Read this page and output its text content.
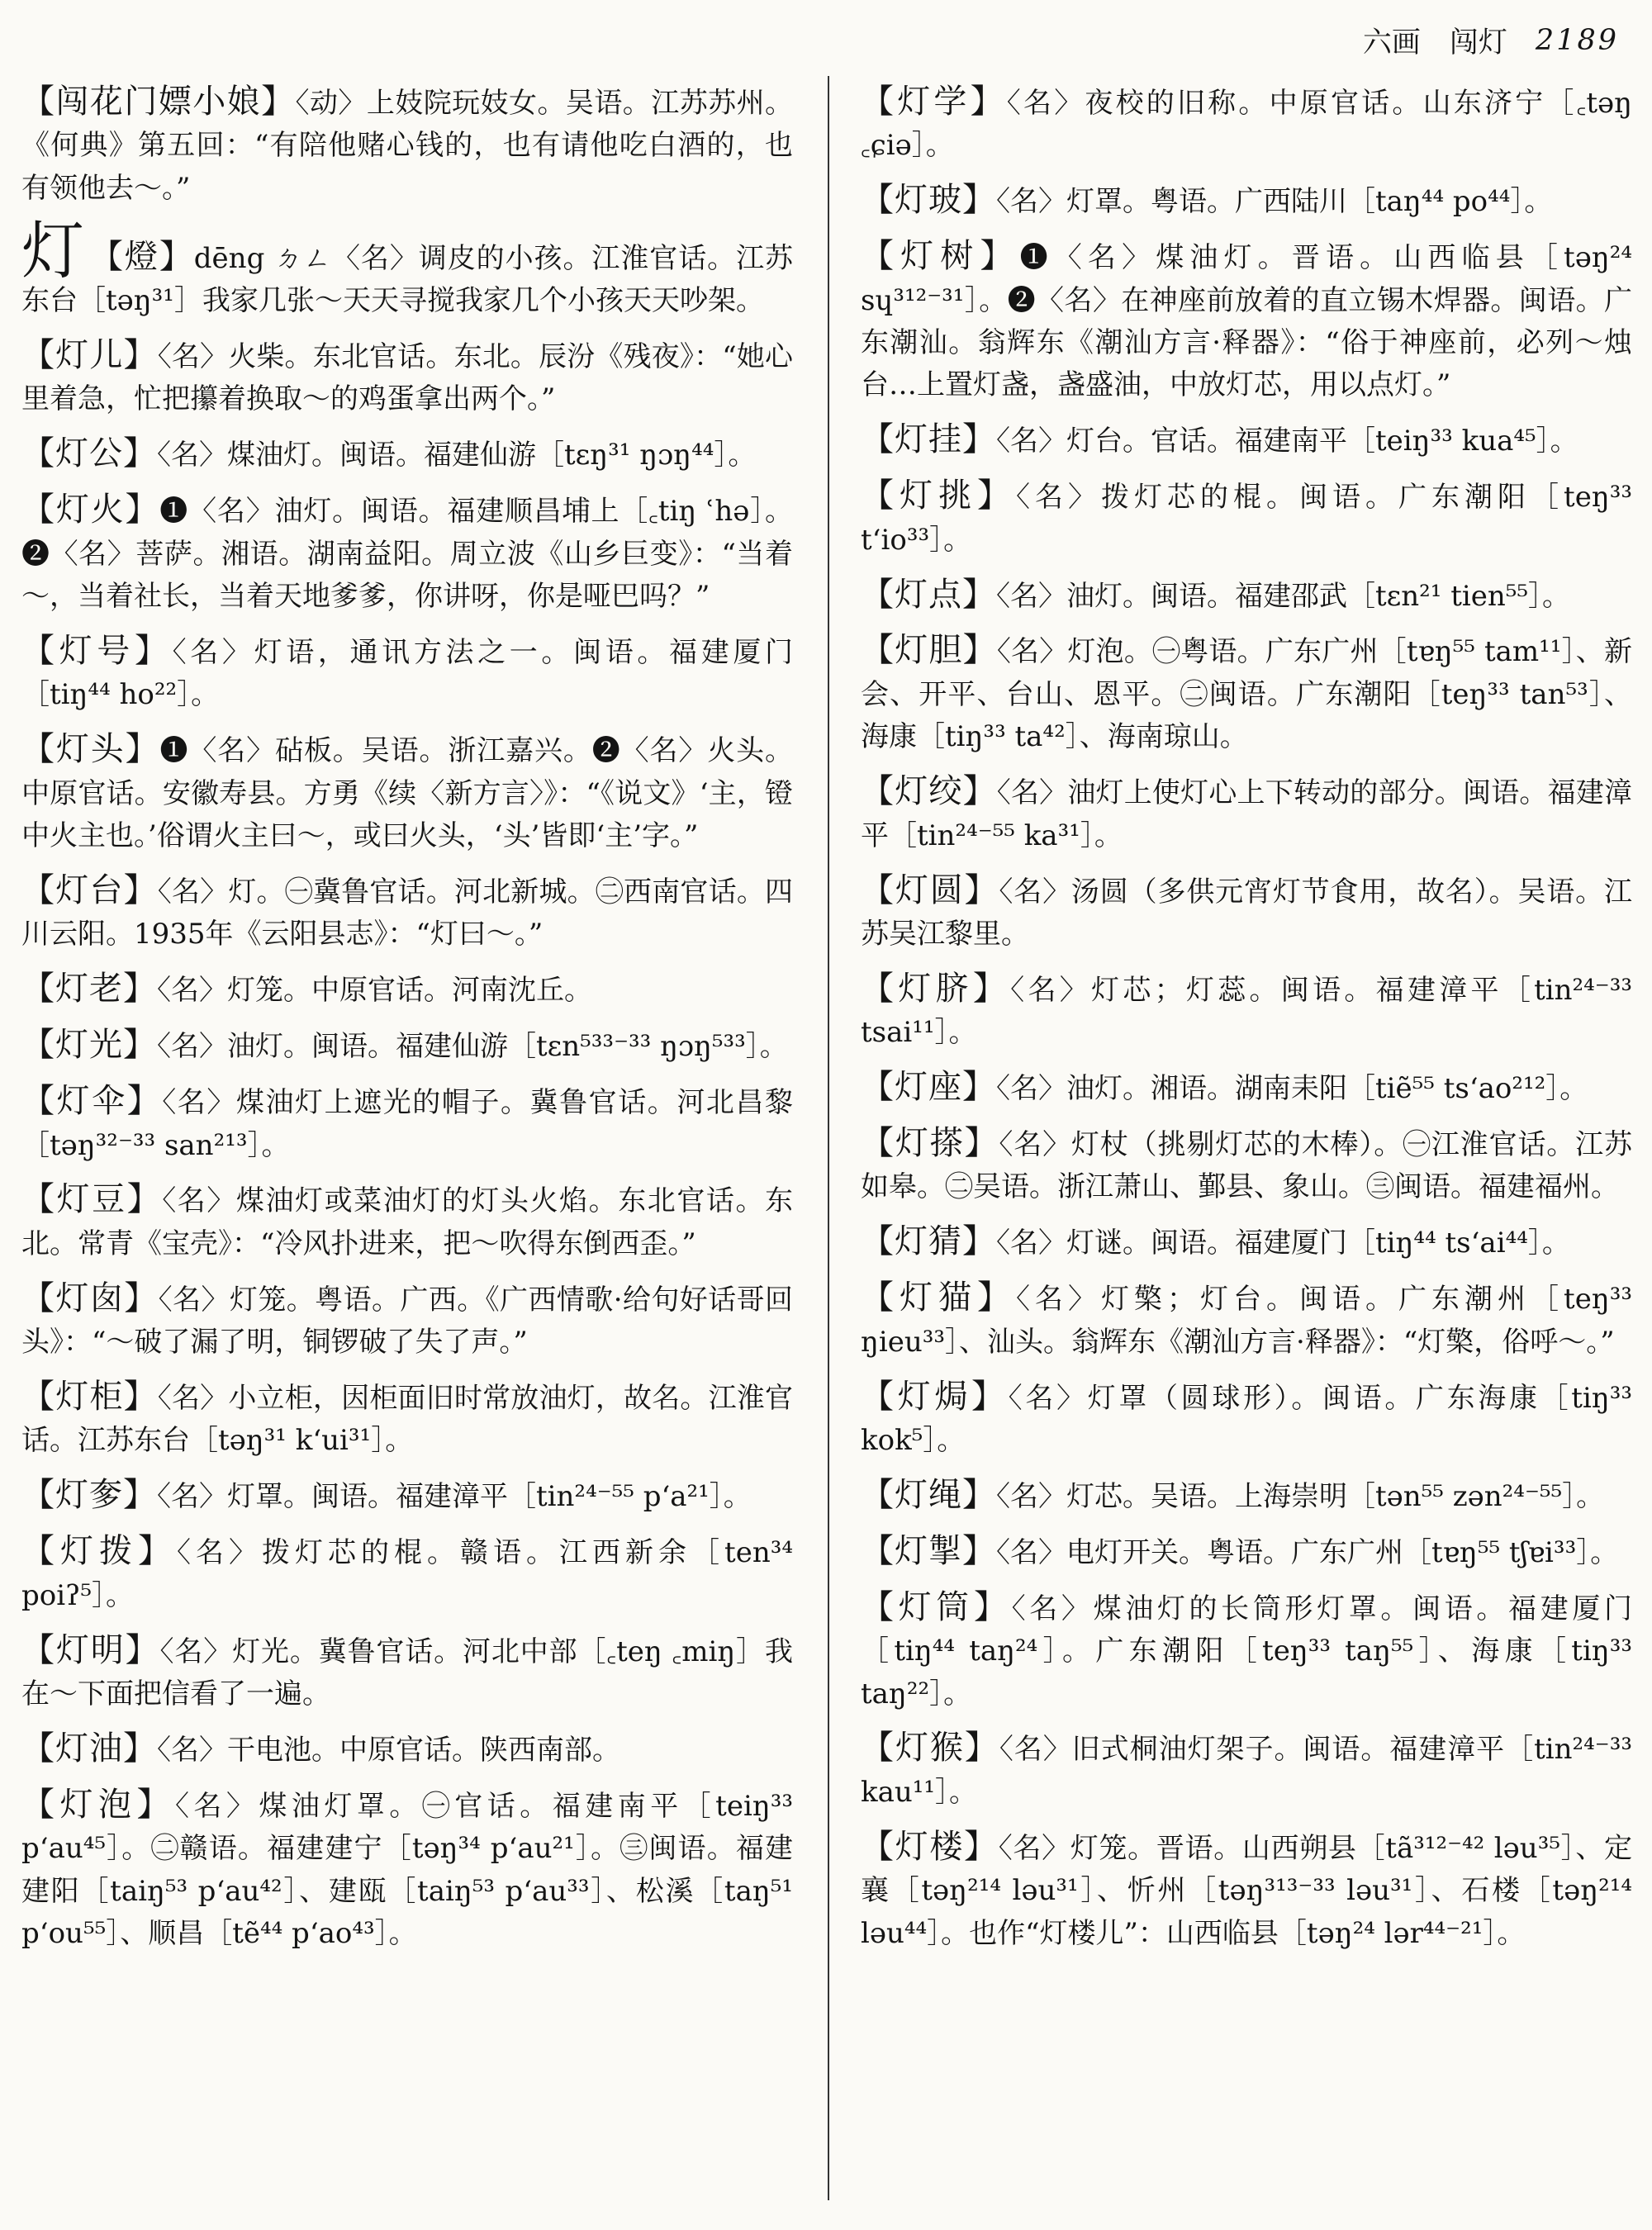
六画　闯灯 2189

【闯花门嫖小娘】〈动〉上妓院玩妓女。吴语。江苏苏州。《何典》第五回：“有陪他赌心钱的，也有请他吃白酒的，也有领他去～。”

灯 【燈】dēng ㄉㄥ〈名〉调皮的小孩。江淮官话。江苏东台［tәŋ³¹］我家几张～天天寻搅我家几个小孩天天吵架。

【灯儿】〈名〉火柴。东北官话。东北。辰汾《残夜》：“她心里着急，忙把攥着换取～的鸡蛋拿出两个。”

【灯公】〈名〉煤油灯。闽语。福建仙游［tɛŋ³¹ ŋɔŋ⁴⁴］。

【灯火】❶〈名〉油灯。闽语。福建顺昌埔上［꜀tiŋ ʿhә］。❷〈名〉菩萨。湘语。湖南益阳。周立波《山乡巨变》：“当着～，当着社长，当着天地爹爹，你讲呀，你是哑巴吗？”

【灯号】〈名〉灯语，通讯方法之一。闽语。福建厦门［tiŋ⁴⁴ ho²²］。

【灯头】❶〈名〉砧板。吴语。浙江嘉兴。❷〈名〉火头。中原官话。安徽寿县。方勇《续〈新方言〉》：“《说文》‘主，镫中火主也。’俗谓火主曰～，或曰火头，‘头’皆即‘主’字。”

【灯台】〈名〉灯。㊀冀鲁官话。河北新城。㊁西南官话。四川云阳。1935年《云阳县志》：“灯曰～。”

【灯老】〈名〉灯笼。中原官话。河南沈丘。

【灯光】〈名〉油灯。闽语。福建仙游［tɛn⁵³³⁻³³ ŋɔŋ⁵³³］。

【灯伞】〈名〉煤油灯上遮光的帽子。冀鲁官话。河北昌黎［tәŋ³²⁻³³ san²¹³］。

【灯豆】〈名〉煤油灯或菜油灯的灯头火焰。东北官话。东北。常青《宝壳》：“冷风扑进来，把～吹得东倒西歪。”

【灯囱】〈名〉灯笼。粤语。广西。《广西情歌·给句好话哥回头》：“～破了漏了明，铜锣破了失了声。”

【灯柜】〈名〉小立柜，因柜面旧时常放油灯，故名。江淮官话。江苏东台［tәŋ³¹ kʻui³¹］。

【灯奓】〈名〉灯罩。闽语。福建漳平［tin²⁴⁻⁵⁵ pʻa²¹］。

【灯拨】〈名〉拨灯芯的棍。赣语。江西新余［ten³⁴ poiʔ⁵］。

【灯明】〈名〉灯光。冀鲁官话。河北中部［꜀teŋ ꜀miŋ］我在～下面把信看了一遍。

【灯油】〈名〉干电池。中原官话。陕西南部。

【灯泡】〈名〉煤油灯罩。㊀官话。福建南平［teiŋ³³ pʻau⁴⁵］。㊁赣语。福建建宁［tәŋ³⁴ pʻau²¹］。㊂闽语。福建建阳［taiŋ⁵³ pʻau⁴²］、建瓯［taiŋ⁵³ pʻau³³］、松溪［taŋ⁵¹ pʻou⁵⁵］、顺昌［tẽ⁴⁴ pʻao⁴³］。

【灯学】〈名〉夜校的旧称。中原官话。山东济宁［꜀tәŋ ꜀ɕiә］。

【灯玻】〈名〉灯罩。粤语。广西陆川［taŋ⁴⁴ po⁴⁴］。

【灯树】❶〈名〉煤油灯。晋语。山西临县［tәŋ²⁴ sɥ³¹²⁻³¹］。❷〈名〉在神座前放着的直立锡木焊器。闽语。广东潮汕。翁辉东《潮汕方言·释器》：“俗于神座前，必列～烛台…上置灯盏，盏盛油，中放灯芯，用以点灯。”

【灯挂】〈名〉灯台。官话。福建南平［teiŋ³³ kua⁴⁵］。

【灯挑】〈名〉拨灯芯的棍。闽语。广东潮阳［teŋ³³ tʻio³³］。

【灯点】〈名〉油灯。闽语。福建邵武［tɛn²¹ tien⁵⁵］。

【灯胆】〈名〉灯泡。㊀粤语。广东广州［tɐŋ⁵⁵ tam¹¹］、新会、开平、台山、恩平。㊁闽语。广东潮阳［teŋ³³ tan⁵³］、海康［tiŋ³³ ta⁴²］、海南琼山。

【灯绞】〈名〉油灯上使灯心上下转动的部分。闽语。福建漳平［tin²⁴⁻⁵⁵ ka³¹］。

【灯圆】〈名〉汤圆（多供元宵灯节食用，故名）。吴语。江苏吴江黎里。

【灯脐】〈名〉灯芯；灯蕊。闽语。福建漳平［tin²⁴⁻³³ tsai¹¹］。

【灯座】〈名〉油灯。湘语。湖南耒阳［tiẽ⁵⁵ tsʻao²¹²］。

【灯搽】〈名〉灯杖（挑剔灯芯的木棒）。㊀江淮官话。江苏如皋。㊁吴语。浙江萧山、鄞县、象山。㊂闽语。福建福州。

【灯猜】〈名〉灯谜。闽语。福建厦门［tiŋ⁴⁴ tsʻai⁴⁴］。

【灯猫】〈名〉灯檠；灯台。闽语。广东潮州［teŋ³³ ŋieu³³］、汕头。翁辉东《潮汕方言·释器》：“灯檠，俗呼～。”

【灯焗】〈名〉灯罩（圆球形）。闽语。广东海康［tiŋ³³ kok⁵］。

【灯绳】〈名〉灯芯。吴语。上海崇明［tәn⁵⁵ zәn²⁴⁻⁵⁵］。

【灯掣】〈名〉电灯开关。粤语。广东广州［tɐŋ⁵⁵ tʃɐi³³］。

【灯筒】〈名〉煤油灯的长筒形灯罩。闽语。福建厦门［tiŋ⁴⁴ taŋ²⁴］。广东潮阳［teŋ³³ taŋ⁵⁵］、海康［tiŋ³³ taŋ²²］。

【灯猴】〈名〉旧式桐油灯架子。闽语。福建漳平［tin²⁴⁻³³ kau¹¹］。

【灯楼】〈名〉灯笼。晋语。山西朔县［tã³¹²⁻⁴² lәu³⁵］、定襄［tәŋ²¹⁴ lәu³¹］、忻州［tәŋ³¹³⁻³³ lәu³¹］、石楼［tәŋ²¹⁴ lәu⁴⁴］。也作“灯楼儿”：山西临县［tәŋ²⁴ lәr⁴⁴⁻²¹］。
